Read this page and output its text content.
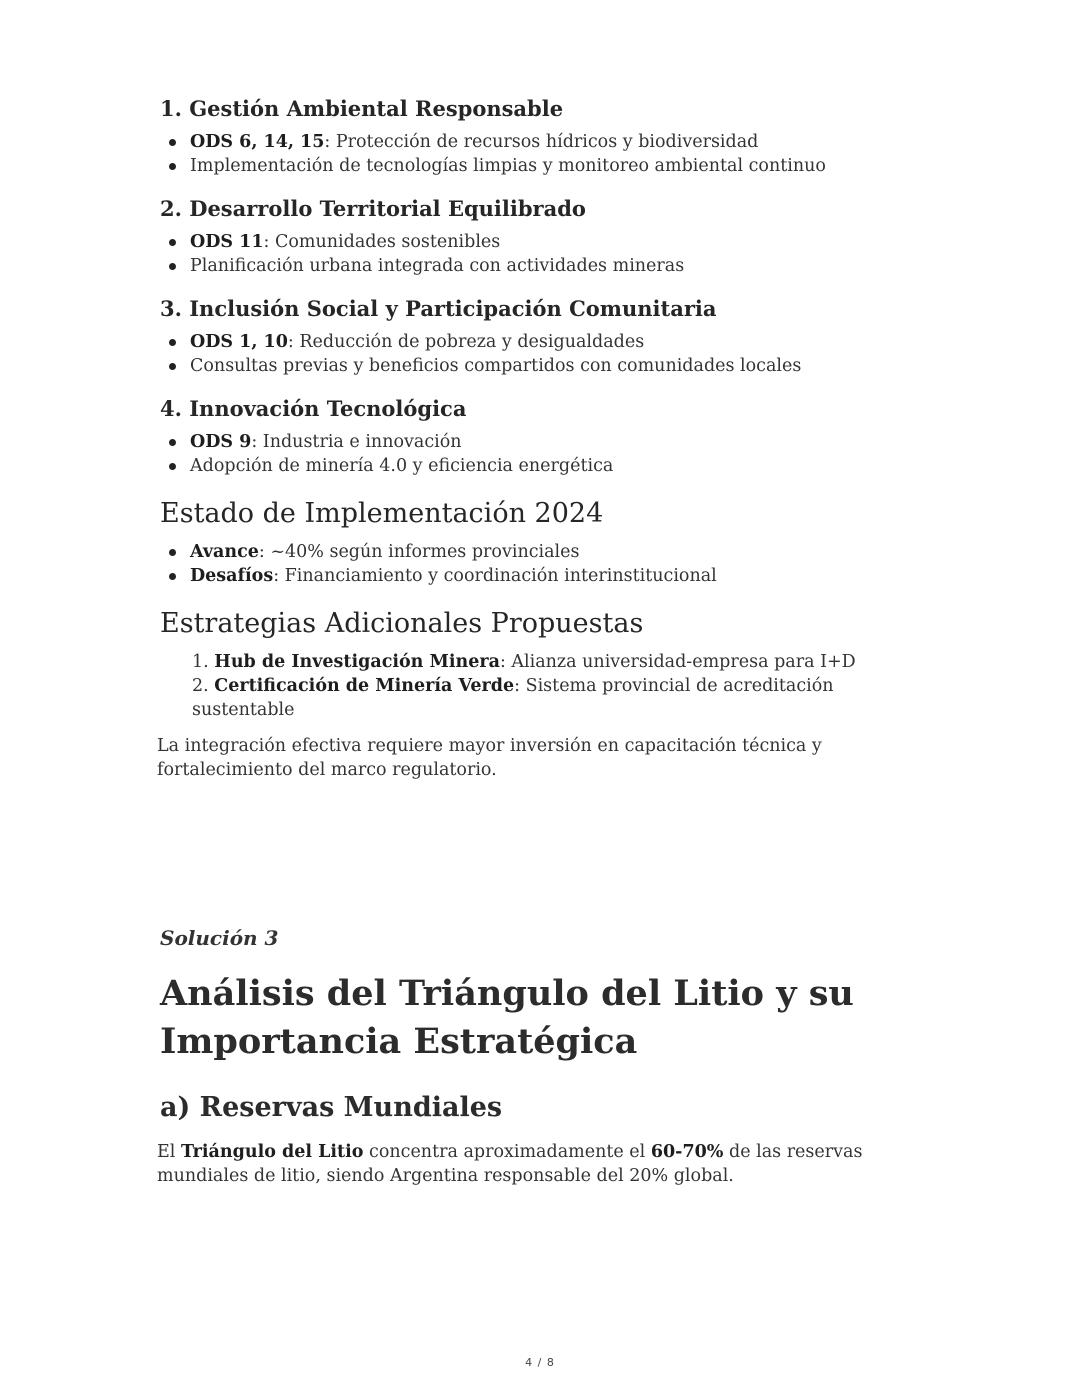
1. Gestión Ambiental Responsable
ODS 6, 14, 15: Protección de recursos hídricos y biodiversidad
Implementación de tecnologías limpias y monitoreo ambiental continuo
2. Desarrollo Territorial Equilibrado
ODS 11: Comunidades sostenibles
Planificación urbana integrada con actividades mineras
3. Inclusión Social y Participación Comunitaria
ODS 1, 10: Reducción de pobreza y desigualdades
Consultas previas y beneficios compartidos con comunidades locales
4. Innovación Tecnológica
ODS 9: Industria e innovación
Adopción de minería 4.0 y eficiencia energética
Estado de Implementación 2024
Avance: ~40% según informes provinciales
Desafíos: Financiamiento y coordinación interinstitucional
Estrategias Adicionales Propuestas
1. Hub de Investigación Minera: Alianza universidad-empresa para I+D
2. Certificación de Minería Verde: Sistema provincial de acreditación sustentable

La integración efectiva requiere mayor inversión en capacitación técnica y fortalecimiento del marco regulatorio.

Solución 3
Análisis del Triángulo del Litio y su Importancia Estratégica
a) Reservas Mundiales

El Triángulo del Litio concentra aproximadamente el 60-70% de las reservas mundiales de litio, siendo Argentina responsable del 20% global.

4 / 8
